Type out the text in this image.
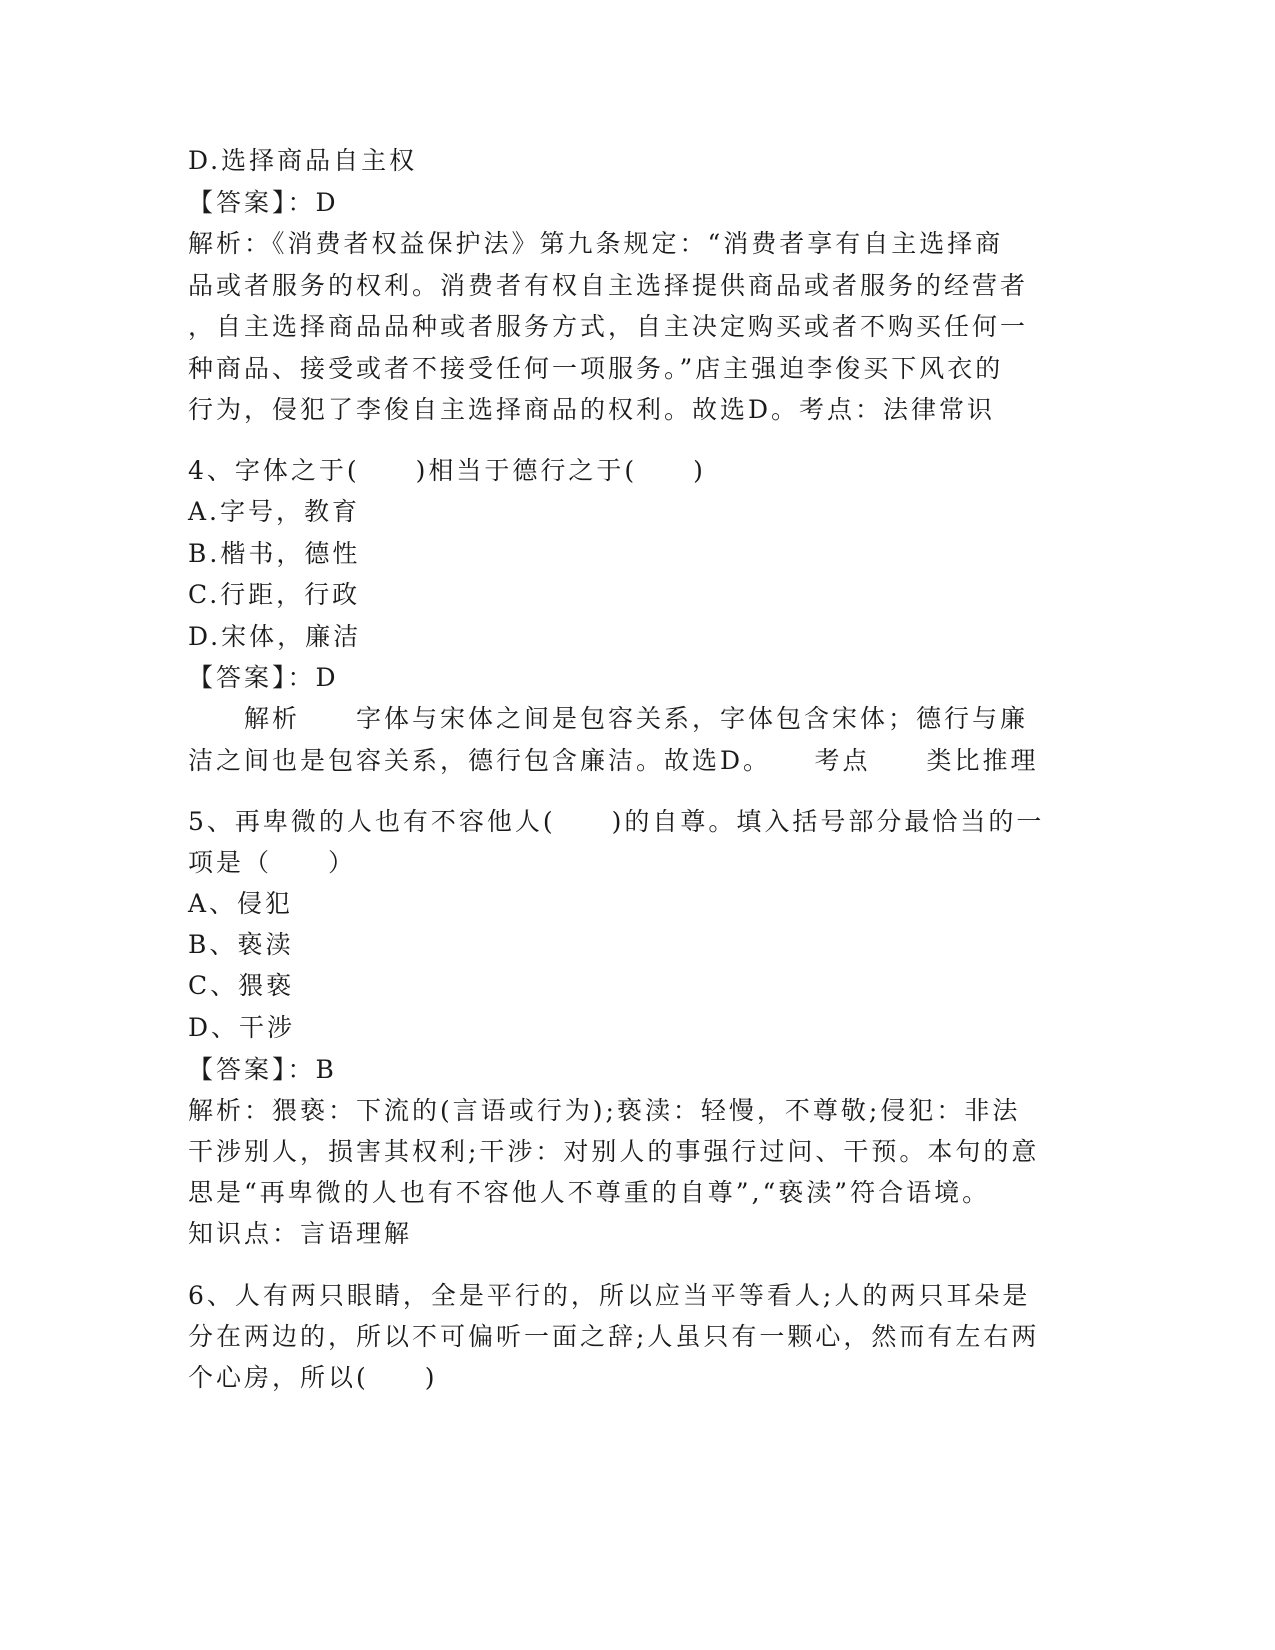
D.选择商品自主权
【答案】：D
解析：《消费者权益保护法》第九条规定：“消费者享有自主选择商
品或者服务的权利。消费者有权自主选择提供商品或者服务的经营者
，自主选择商品品种或者服务方式，自主决定购买或者不购买任何一
种商品、接受或者不接受任何一项服务。”店主强迫李俊买下风衣的
行为，侵犯了李俊自主选择商品的权利。故选D。考点：法律常识
4、字体之于(　　)相当于德行之于(　　)
A.字号，教育
B.楷书，德性
C.行距，行政
D.宋体，廉洁
【答案】：D
　　解析　　字体与宋体之间是包容关系，字体包含宋体；德行与廉
洁之间也是包容关系，德行包含廉洁。故选D。　　考点　　类比推理
5、再卑微的人也有不容他人(　　)的自尊。填入括号部分最恰当的一
项是（　　）
A、侵犯
B、亵渎
C、猥亵
D、干涉
【答案】：B
解析：猥亵：下流的(言语或行为);亵渎：轻慢，不尊敬;侵犯：非法
干涉别人，损害其权利;干涉：对别人的事强行过问、干预。本句的意
思是“再卑微的人也有不容他人不尊重的自尊”,“亵渎”符合语境。
知识点：言语理解
6、人有两只眼睛，全是平行的，所以应当平等看人;人的两只耳朵是
分在两边的，所以不可偏听一面之辞;人虽只有一颗心，然而有左右两
个心房，所以(　　)
